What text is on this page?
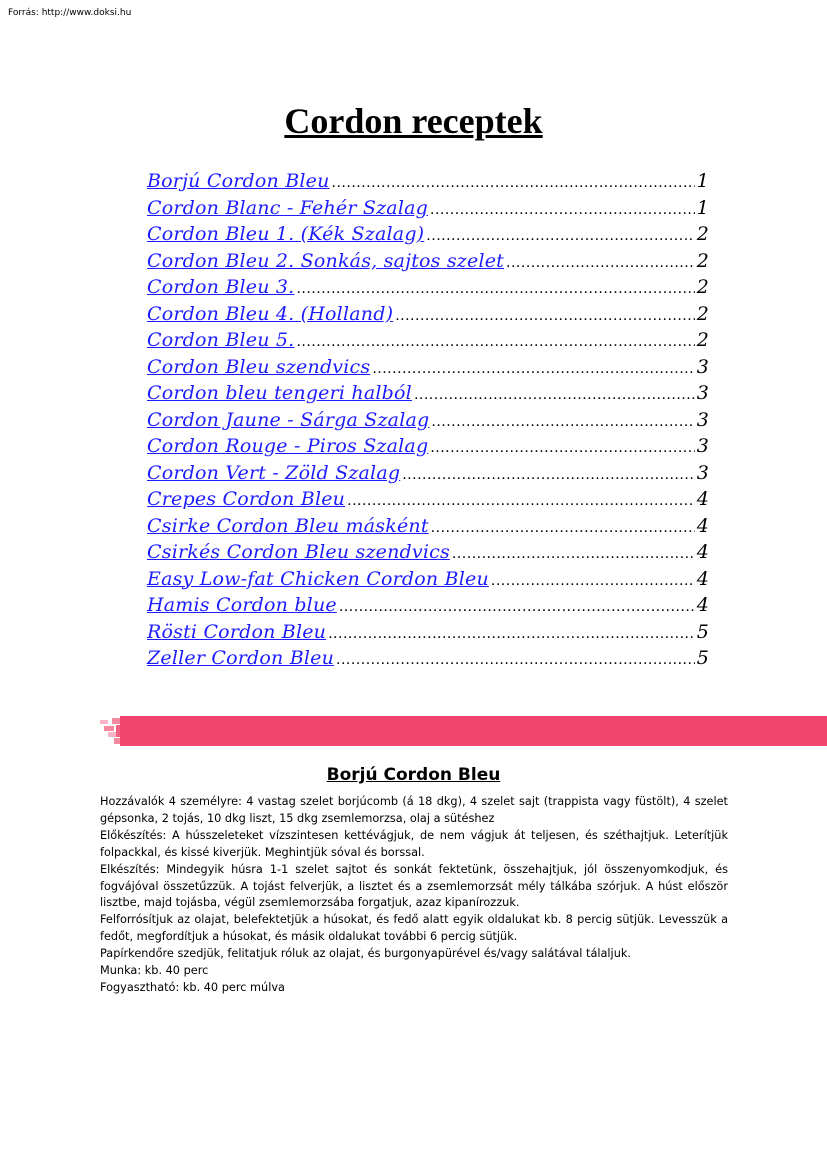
Forrás: http://www.doksi.hu
Cordon receptek
Borjú Cordon Bleu .....	1
Cordon Blanc - Fehér Szalag .....	1
Cordon Bleu 1. (Kék Szalag) .....	2
Cordon Bleu 2. Sonkás, sajtos szelet .....	2
Cordon Bleu 3. .....	2
Cordon Bleu 4. (Holland) .....	2
Cordon Bleu 5. .....	2
Cordon Bleu szendvics .....	3
Cordon bleu tengeri halból .....	3
Cordon Jaune - Sárga Szalag .....	3
Cordon Rouge - Piros Szalag .....	3
Cordon Vert - Zöld Szalag .....	3
Crepes Cordon Bleu .....	4
Csirke Cordon Bleu másként .....	4
Csirkés Cordon Bleu szendvics .....	4
Easy Low-fat Chicken Cordon Bleu .....	4
Hamis Cordon blue .....	4
Rösti Cordon Bleu .....	5
Zeller Cordon Bleu .....	5
Borjú Cordon Bleu

Hozzávalók 4 személyre: 4 vastag szelet borjúcomb (á 18 dkg), 4 szelet sajt (trappista vagy füstölt), 4 szelet gépsonka, 2 tojás, 10 dkg liszt, 15 dkg zsemlemorzsa, olaj a sütéshez

Előkészítés: A hússzeleteket vízszintesen kettévágjuk, de nem vágjuk át teljesen, és széthajtjuk. Leterítjük folpackkal, és kissé kiverjük. Meghintjük sóval és borssal.

Elkészítés: Mindegyik húsra 1-1 szelet sajtot és sonkát fektetünk, összehajtjuk, jól összenyomkodjuk, és fogvájóval összetűzzük. A tojást felverjük, a lisztet és a zsemlemorzsát mély tálkába szórjuk. A húst először lisztbe, majd tojásba, végül zsemlemorzsába forgatjuk, azaz kipanírozzuk.

Felforrósítjuk az olajat, belefektetjük a húsokat, és fedő alatt egyik oldalukat kb. 8 percig sütjük. Levesszük a fedőt, megfordítjuk a húsokat, és másik oldalukat további 6 percig sütjük.

Papírkendőre szedjük, felitatjuk róluk az olajat, és burgonyapürével és/vagy salátával tálaljuk.

Munka: kb. 40 perc

Fogyasztható: kb. 40 perc múlva
